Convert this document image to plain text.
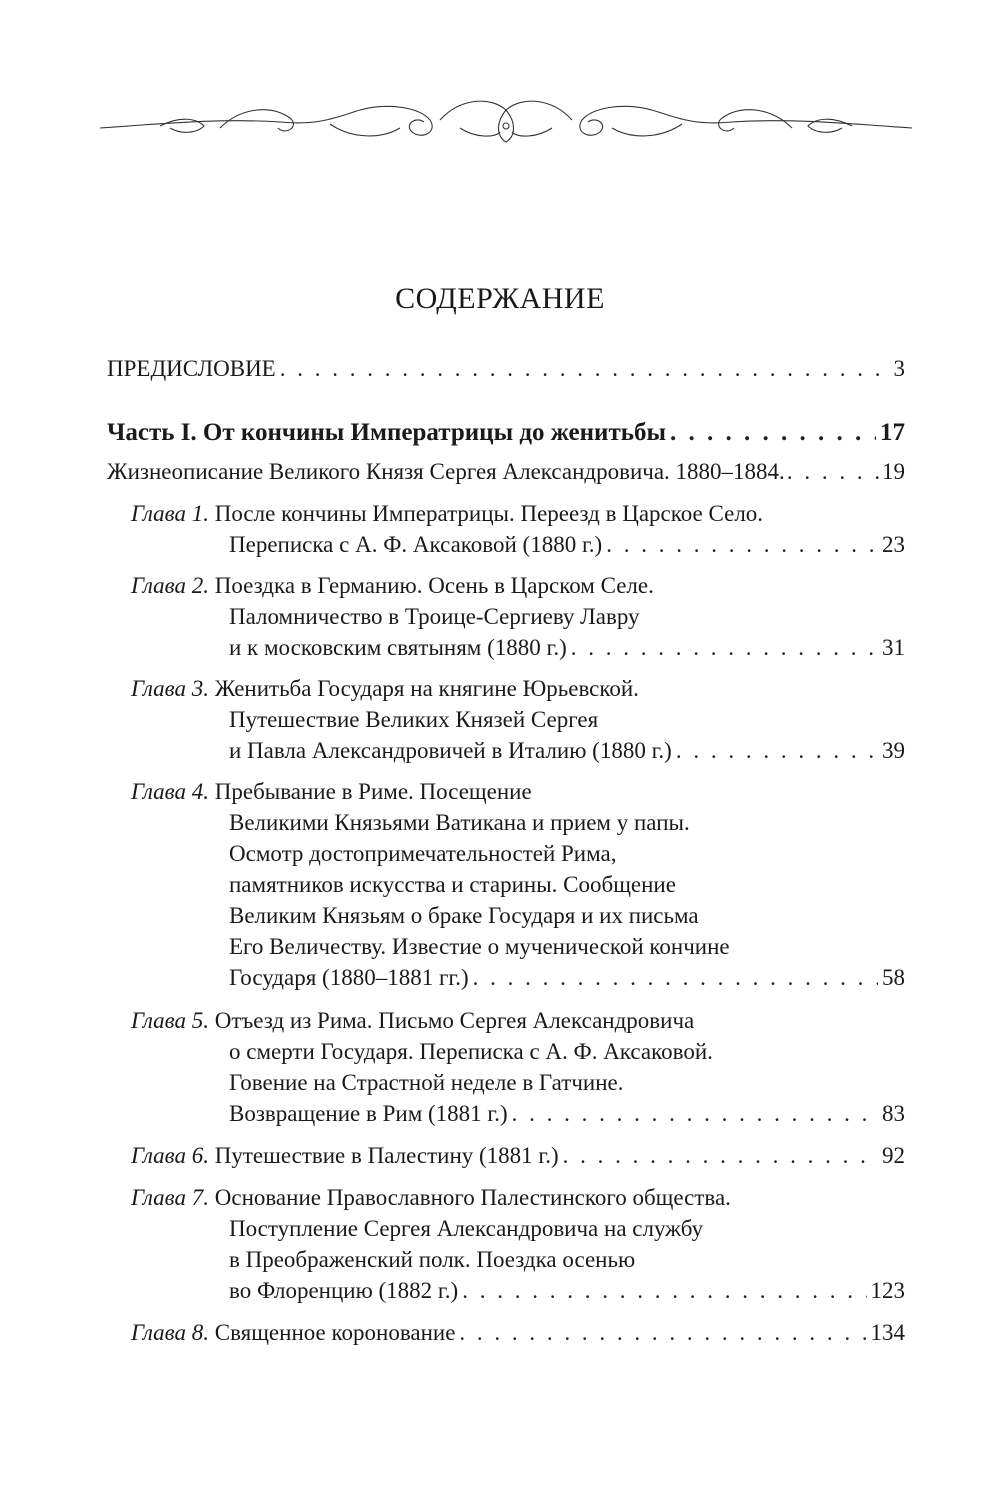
СОДЕРЖАНИЕ
ПРЕДИСЛОВИЕ . . .	3
Часть I. От кончины Императрицы до женитьбы . . .	17
Жизнеописание Великого Князя Сергея Александровича. 1880–1884. . . .	19
Глава 1. После кончины Императрицы. Переезд в Царское Село.
Переписка с А. Ф. Аксаковой (1880 г.) . . .	23
Глава 2. Поездка в Германию. Осень в Царском Селе.
Паломничество в Троице-Сергиеву Лавру
и к московским святыням (1880 г.) . . .	31
Глава 3. Женитьба Государя на княгине Юрьевской.
Путешествие Великих Князей Сергея
и Павла Александровичей в Италию (1880 г.) . . .	39
Глава 4. Пребывание в Риме. Посещение
Великими Князьями Ватикана и прием у папы.
Осмотр достопримечательностей Рима,
памятников искусства и старины. Сообщение
Великим Князьям о браке Государя и их письма
Его Величеству. Известие о мученической кончине
Государя (1880–1881 гг.) . . .	58
Глава 5. Отъезд из Рима. Письмо Сергея Александровича
о смерти Государя. Переписка с А. Ф. Аксаковой.
Говение на Страстной неделе в Гатчине.
Возвращение в Рим (1881 г.) . . .	83
Глава 6. Путешествие в Палестину (1881 г.) . . .	92
Глава 7. Основание Православного Палестинского общества.
Поступление Сергея Александровича на службу
в Преображенский полк. Поездка осенью
во Флоренцию (1882 г.) . . .	123
Глава 8. Священное коронование . . .	134
